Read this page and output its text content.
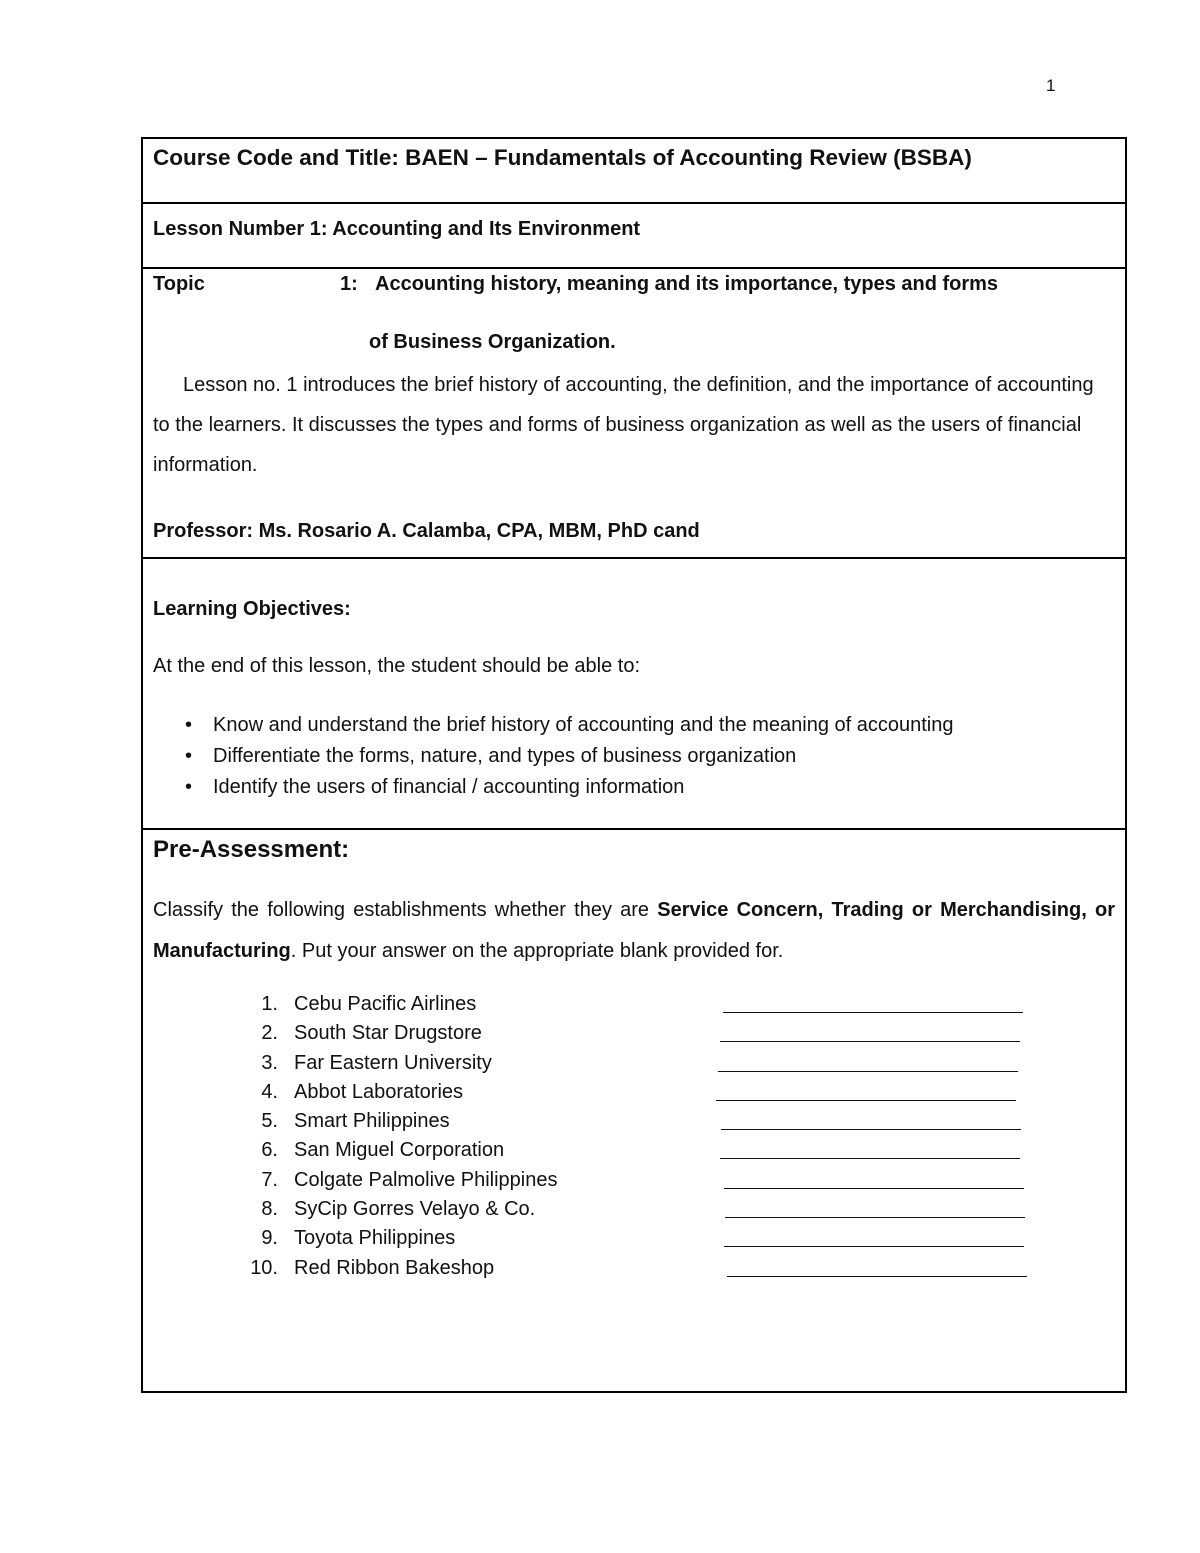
1
Course Code and Title: BAEN – Fundamentals of Accounting Review (BSBA)
Lesson Number 1: Accounting and Its Environment
Topic	1: Accounting history, meaning and its importance, types and forms
of Business Organization.
Lesson no. 1 introduces the brief history of accounting, the definition, and the importance of accounting to the learners. It discusses the types and forms of business organization as well as the users of financial information.
Professor: Ms. Rosario A. Calamba, CPA, MBM, PhD cand
Learning Objectives:
At the end of this lesson, the student should be able to:
• Know and understand the brief history of accounting and the meaning of accounting
• Differentiate the forms, nature, and types of business organization
• Identify the users of financial / accounting information
Pre-Assessment:
Classify the following establishments whether they are Service Concern, Trading or Merchandising, or Manufacturing. Put your answer on the appropriate blank provided for.
1. Cebu Pacific Airlines
2. South Star Drugstore
3. Far Eastern University
4. Abbot Laboratories
5. Smart Philippines
6. San Miguel Corporation
7. Colgate Palmolive Philippines
8. SyCip Gorres Velayo & Co.
9. Toyota Philippines
10. Red Ribbon Bakeshop
